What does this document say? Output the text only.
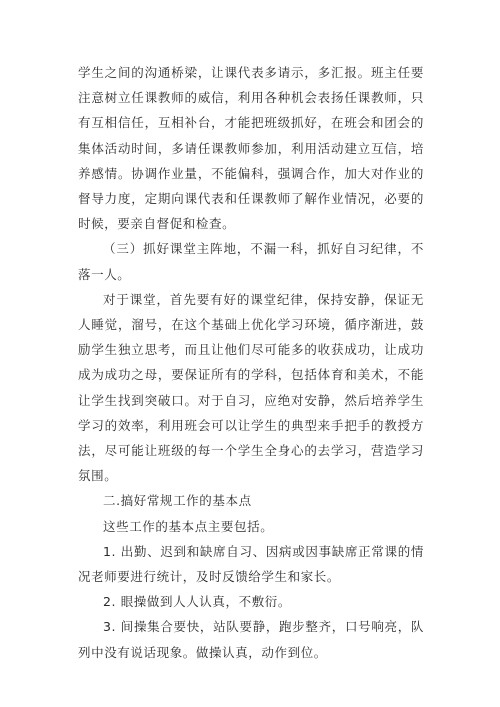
学生之间的沟通桥梁，让课代表多请示，多汇报。班主任要注意树立任课教师的威信，利用各种机会表扬任课教师，只有互相信任，互相补台，才能把班级抓好，在班会和团会的集体活动时间，多请任课教师参加，利用活动建立互信，培养感情。协调作业量，不能偏科，强调合作，加大对作业的督导力度，定期向课代表和任课教师了解作业情况，必要的时候，要亲自督促和检查。

（三）抓好课堂主阵地，不漏一科，抓好自习纪律，不落一人。

对于课堂，首先要有好的课堂纪律，保持安静，保证无人睡觉，溜号，在这个基础上优化学习环境，循序渐进，鼓励学生独立思考，而且让他们尽可能多的收获成功，让成功成为成功之母，要保证所有的学科，包括体育和美术，不能让学生找到突破口。对于自习，应绝对安静，然后培养学生学习的效率，利用班会可以让学生的典型来手把手的教授方法，尽可能让班级的每一个学生全身心的去学习，营造学习氛围。

二.搞好常规工作的基本点

这些工作的基本点主要包括。

1. 出勤、迟到和缺席自习、因病或因事缺席正常课的情况老师要进行统计，及时反馈给学生和家长。

2. 眼操做到人人认真，不敷衍。

3. 间操集合要快，站队要静，跑步整齐，口号响亮，队列中没有说话现象。做操认真，动作到位。
